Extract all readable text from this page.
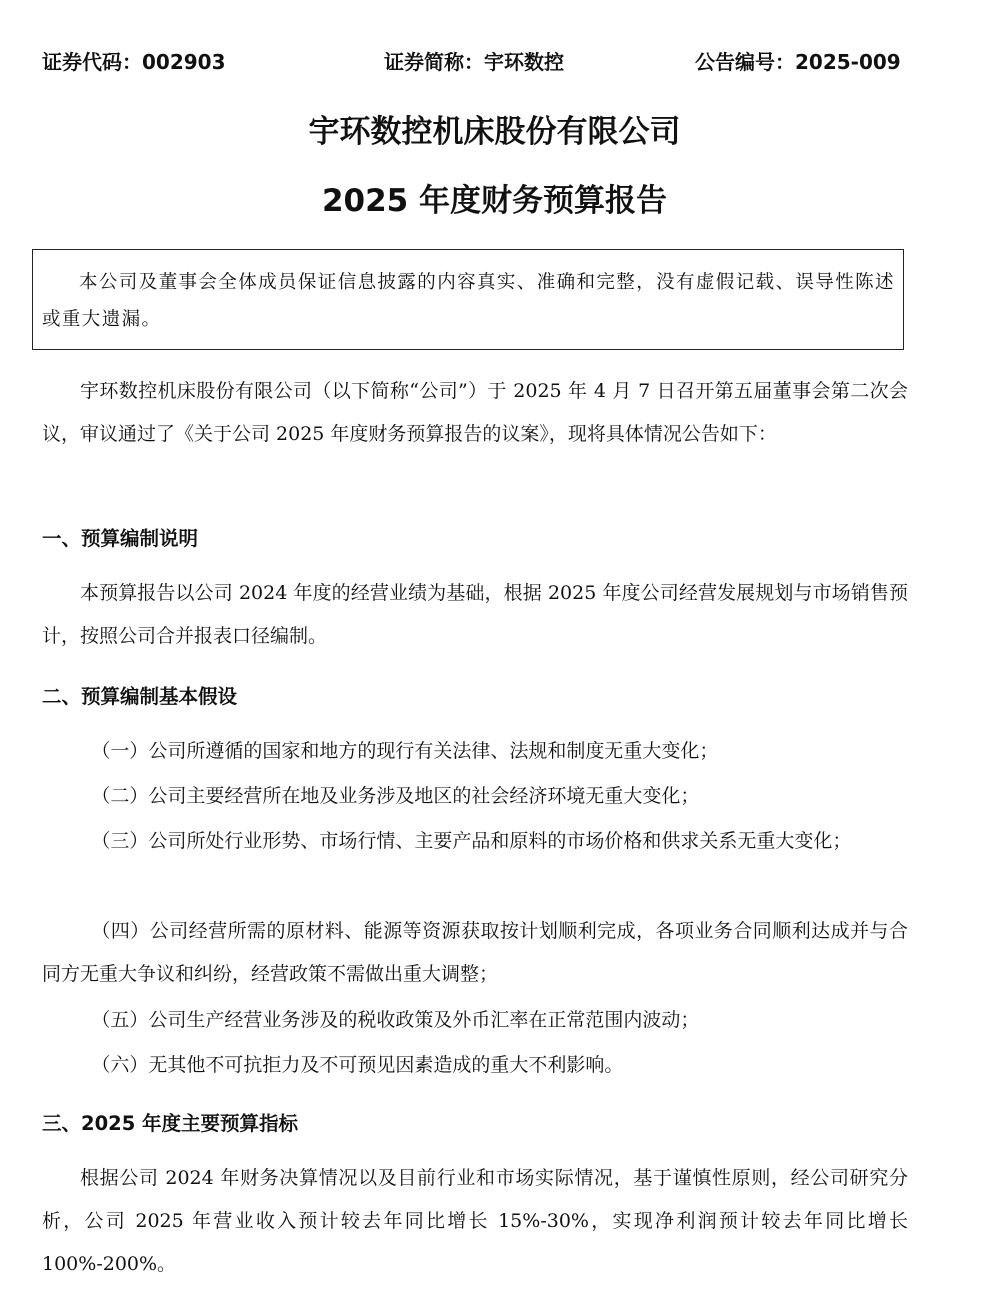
证券代码：002903	证券简称：宇环数控	公告编号：2025-009
宇环数控机床股份有限公司
2025 年度财务预算报告
本公司及董事会全体成员保证信息披露的内容真实、准确和完整，没有虚假记载、误导性陈述或重大遗漏。
宇环数控机床股份有限公司（以下简称“公司”）于 2025 年 4 月 7 日召开第五届董事会第二次会议，审议通过了《关于公司 2025 年度财务预算报告的议案》，现将具体情况公告如下：
一、预算编制说明
本预算报告以公司 2024 年度的经营业绩为基础，根据 2025 年度公司经营发展规划与市场销售预计，按照公司合并报表口径编制。
二、预算编制基本假设
（一）公司所遵循的国家和地方的现行有关法律、法规和制度无重大变化；
（二）公司主要经营所在地及业务涉及地区的社会经济环境无重大变化；
（三）公司所处行业形势、市场行情、主要产品和原料的市场价格和供求关系无重大变化；
（四）公司经营所需的原材料、能源等资源获取按计划顺利完成，各项业务合同顺利达成并与合同方无重大争议和纠纷，经营政策不需做出重大调整；
（五）公司生产经营业务涉及的税收政策及外币汇率在正常范围内波动；
（六）无其他不可抗拒力及不可预见因素造成的重大不利影响。
三、2025 年度主要预算指标
根据公司 2024 年财务决算情况以及目前行业和市场实际情况，基于谨慎性原则，经公司研究分析，公司 2025 年营业收入预计较去年同比增长 15%-30%，实现净利润预计较去年同比增长 100%-200%。
